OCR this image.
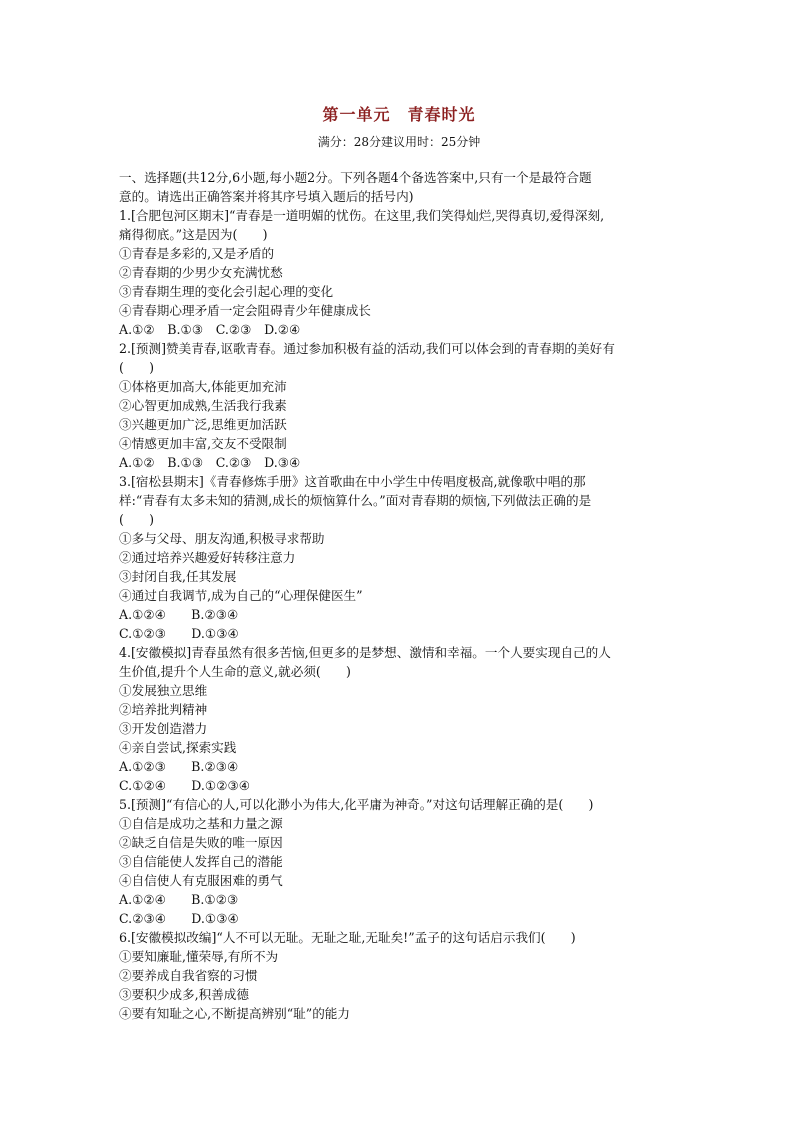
第一单元　青春时光
满分：28分建议用时：25分钟
一、选择题(共12分,6小题,每小题2分。下列各题4个备选答案中,只有一个是最符合题
意的。请选出正确答案并将其序号填入题后的括号内)
1.[合肥包河区期末]“青春是一道明媚的忧伤。在这里,我们笑得灿烂,哭得真切,爱得深刻,
痛得彻底。”这是因为(　　)
①青春是多彩的,又是矛盾的
②青春期的少男少女充满忧愁
③青春期生理的变化会引起心理的变化
④青春期心理矛盾一定会阻碍青少年健康成长
A.①②　B.①③　C.②③　D.②④
2.[预测]赞美青春,讴歌青春。通过参加积极有益的活动,我们可以体会到的青春期的美好有
(　　)
①体格更加高大,体能更加充沛
②心智更加成熟,生活我行我素
③兴趣更加广泛,思维更加活跃
④情感更加丰富,交友不受限制
A.①②　B.①③　C.②③　D.③④
3.[宿松县期末]《青春修炼手册》这首歌曲在中小学生中传唱度极高,就像歌中唱的那
样:“青春有太多未知的猜测,成长的烦恼算什么。”面对青春期的烦恼,下列做法正确的是
(　　)
①多与父母、朋友沟通,积极寻求帮助
②通过培养兴趣爱好转移注意力
③封闭自我,任其发展
④通过自我调节,成为自己的“心理保健医生”
A.①②④　　B.②③④
C.①②③　　D.①③④
4.[安徽模拟]青春虽然有很多苦恼,但更多的是梦想、激情和幸福。一个人要实现自己的人
生价值,提升个人生命的意义,就必须(　　)
①发展独立思维
②培养批判精神
③开发创造潜力
④亲自尝试,探索实践
A.①②③　　B.②③④
C.①②④　　D.①②③④
5.[预测]“有信心的人,可以化渺小为伟大,化平庸为神奇。”对这句话理解正确的是(　　)
①自信是成功之基和力量之源
②缺乏自信是失败的唯一原因
③自信能使人发挥自己的潜能
④自信使人有克服困难的勇气
A.①②④　　B.①②③
C.②③④　　D.①③④
6.[安徽模拟改编]“人不可以无耻。无耻之耻,无耻矣!”孟子的这句话启示我们(　　)
①要知廉耻,懂荣辱,有所不为
②要养成自我省察的习惯
③要积少成多,积善成德
④要有知耻之心,不断提高辨别“耻”的能力
